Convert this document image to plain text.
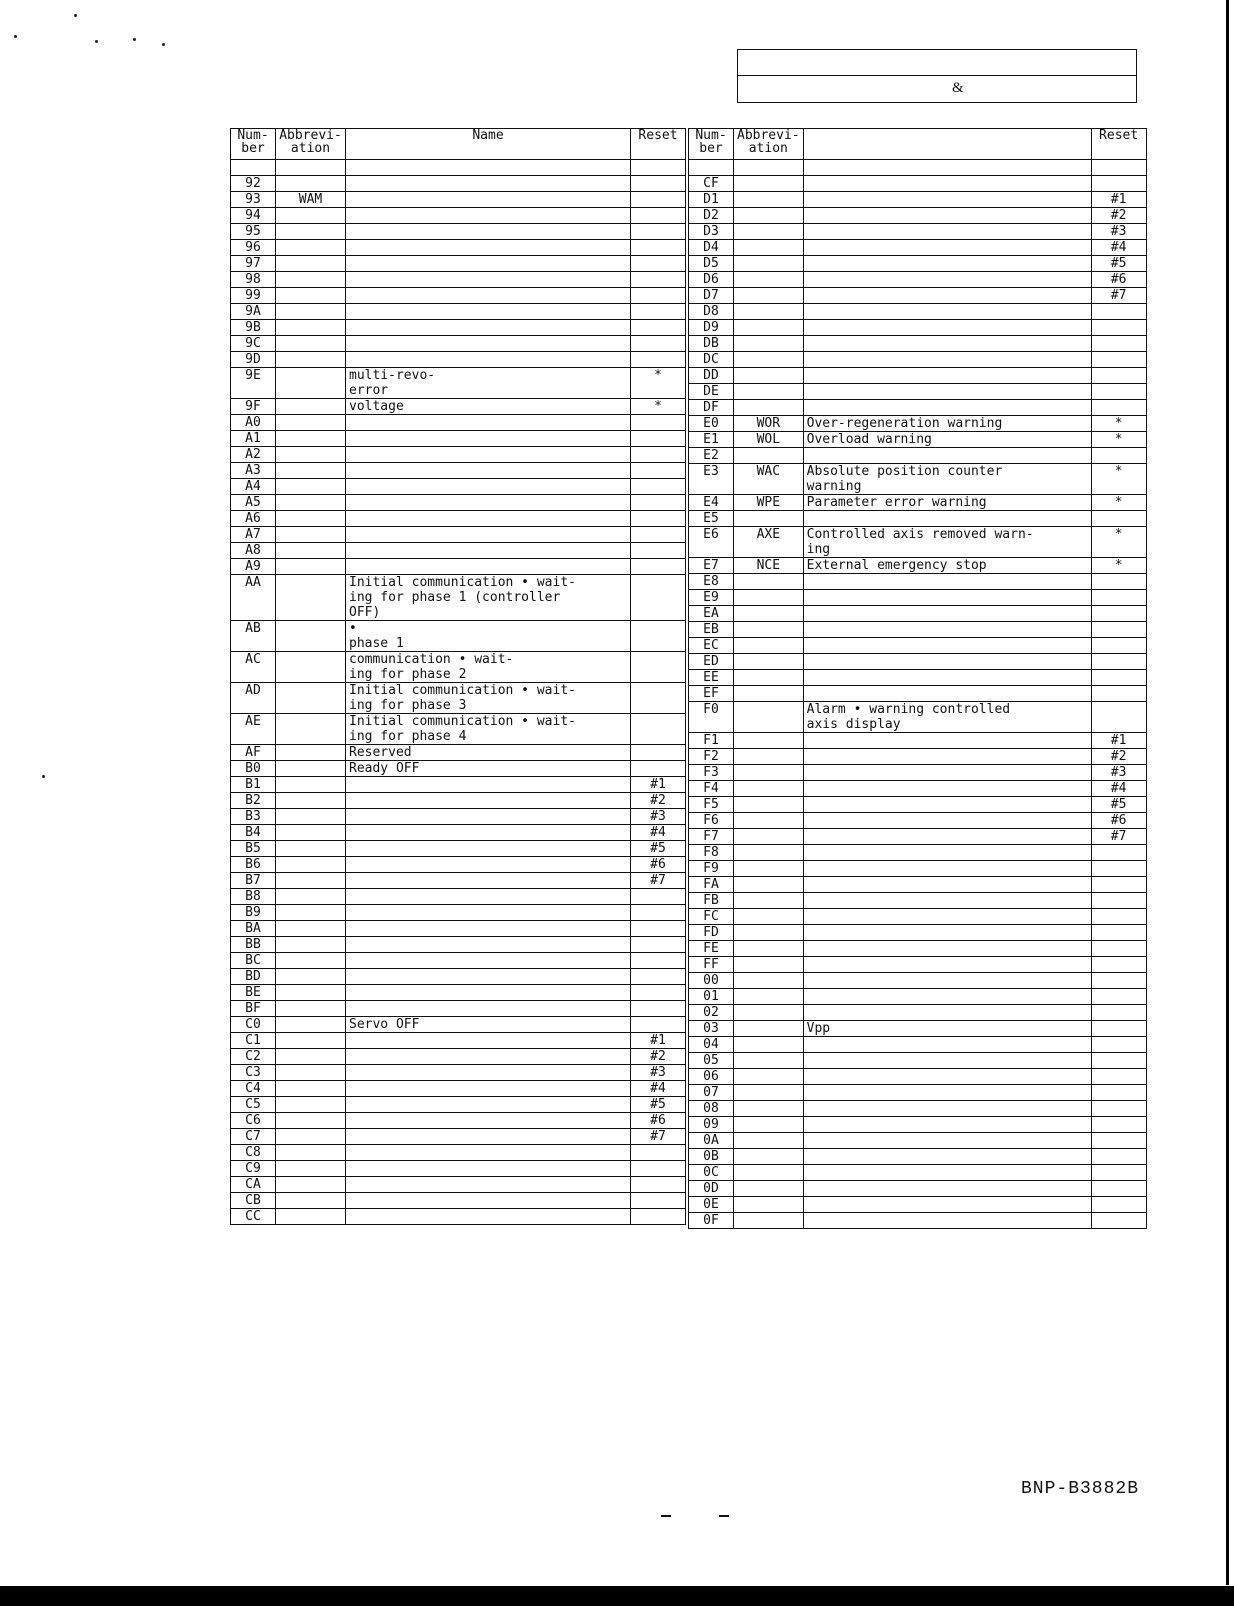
&
Num-
ber	Abbrevi-
ation	Name	Reset

92			
93	WAM		
94			
95			
96			
97			
98			
99			
9A			
9B			
9C			
9D			
9E		multi-revo-
error	*
9F		voltage	*
A0			
A1			
A2			
A3			
A4			
A5			
A6			
A7			
A8			
A9			
AA		Initial communication • wait-
ing for phase 1 (controller
OFF)	
AB		•
phase 1	
AC		communication • wait-
ing for phase 2	
AD		Initial communication • wait-
ing for phase 3	
AE		Initial communication • wait-
ing for phase 4	
AF		Reserved	
B0		Ready OFF	
B1			#1
B2			#2
B3			#3
B4			#4
B5			#5
B6			#6
B7			#7
B8			
B9			
BA			
BB			
BC			
BD			
BE			
BF			
C0		Servo OFF	
C1			#1
C2			#2
C3			#3
C4			#4
C5			#5
C6			#6
C7			#7
C8			
C9			
CA			
CB			
CC			
Num-
ber	Abbrevi-
ation		Reset

CF			
D1			#1
D2			#2
D3			#3
D4			#4
D5			#5
D6			#6
D7			#7
D8			
D9			
DB			
DC			
DD			
DE			
DF			
E0	WOR	Over-regeneration warning	*
E1	WOL	Overload warning	*
E2			
E3	WAC	Absolute position counter
warning	*
E4	WPE	Parameter error warning	*
E5			
E6	AXE	Controlled axis removed warn-
ing	*
E7	NCE	External emergency stop	*
E8			
E9			
EA			
EB			
EC			
ED			
EE			
EF			
F0		Alarm • warning controlled
axis display	
F1			#1
F2			#2
F3			#3
F4			#4
F5			#5
F6			#6
F7			#7
F8			
F9			
FA			
FB			
FC			
FD			
FE			
FF			
00			
01			
02			
03		Vpp	
04			
05			
06			
07			
08			
09			
0A			
0B			
0C			
0D			
0E			
0F			
BNP-B3882B
